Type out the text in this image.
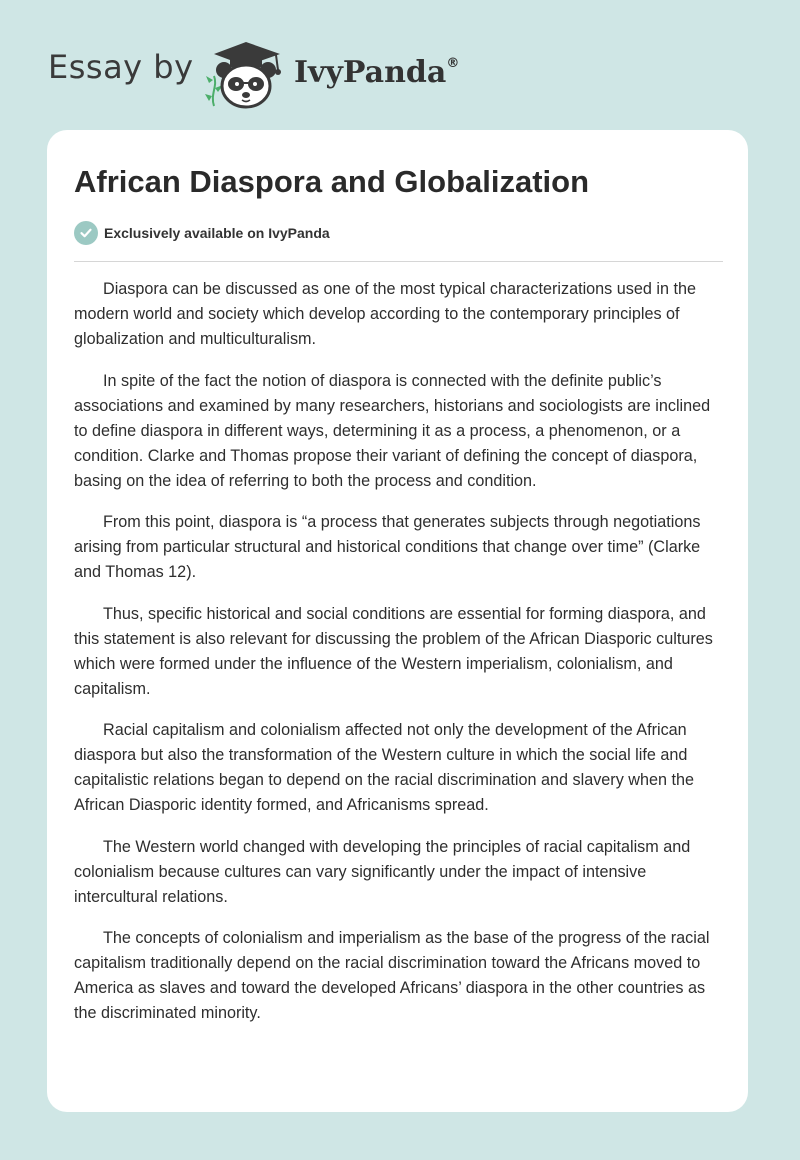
Essay by	IvyPanda®
African Diaspora and Globalization
Exclusively available on IvyPanda

Diaspora can be discussed as one of the most typical characterizations used in the modern world and society which develop according to the contemporary principles of globalization and multiculturalism.

In spite of the fact the notion of diaspora is connected with the definite public’s associations and examined by many researchers, historians and sociologists are inclined to define diaspora in different ways, determining it as a process, a phenomenon, or a condition. Clarke and Thomas propose their variant of defining the concept of diaspora, basing on the idea of referring to both the process and condition.

From this point, diaspora is “a process that generates subjects through negotiations arising from particular structural and historical conditions that change over time” (Clarke and Thomas 12).

Thus, specific historical and social conditions are essential for forming diaspora, and this statement is also relevant for discussing the problem of the African Diasporic cultures which were formed under the influence of the Western imperialism, colonialism, and capitalism.

Racial capitalism and colonialism affected not only the development of the African diaspora but also the transformation of the Western culture in which the social life and capitalistic relations began to depend on the racial discrimination and slavery when the African Diasporic identity formed, and Africanisms spread.

The Western world changed with developing the principles of racial capitalism and colonialism because cultures can vary significantly under the impact of intensive intercultural relations.

The concepts of colonialism and imperialism as the base of the progress of the racial capitalism traditionally depend on the racial discrimination toward the Africans moved to America as slaves and toward the developed Africans’ diaspora in the other countries as the discriminated minority.
